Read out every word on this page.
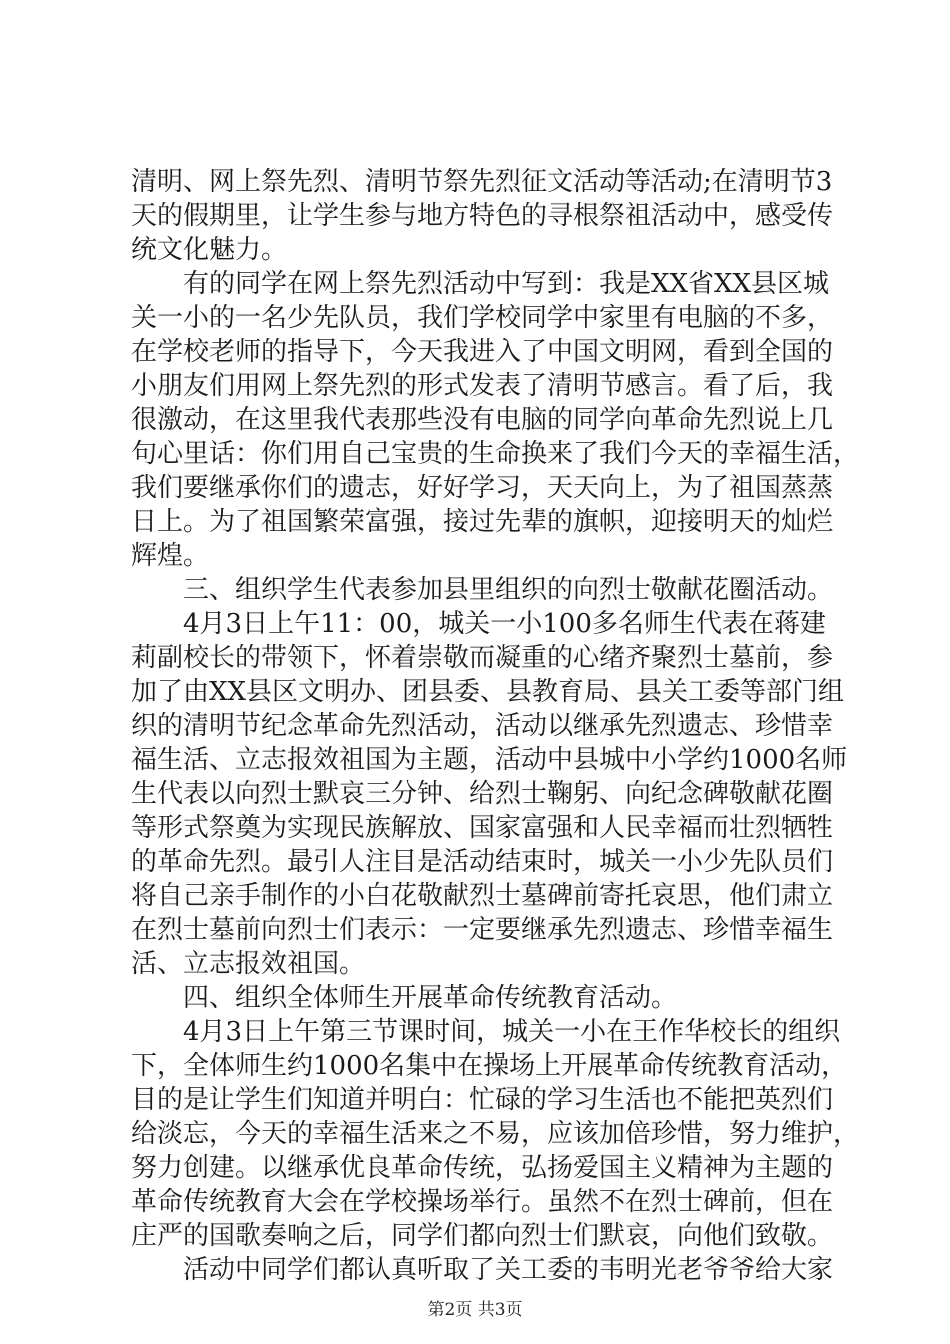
清明、网上祭先烈、清明节祭先烈征文活动等活动;在清明节3
天的假期里，让学生参与地方特色的寻根祭祖活动中，感受传
统文化魅力。
　　有的同学在网上祭先烈活动中写到：我是XX省XX县区城
关一小的一名少先队员，我们学校同学中家里有电脑的不多，
在学校老师的指导下，今天我进入了中国文明网，看到全国的
小朋友们用网上祭先烈的形式发表了清明节感言。看了后，我
很激动，在这里我代表那些没有电脑的同学向革命先烈说上几
句心里话：你们用自己宝贵的生命换来了我们今天的幸福生活，
我们要继承你们的遗志，好好学习，天天向上，为了祖国蒸蒸
日上。为了祖国繁荣富强，接过先辈的旗帜，迎接明天的灿烂
辉煌。
　　三、组织学生代表参加县里组织的向烈士敬献花圈活动。
　　4月3日上午11：00，城关一小100多名师生代表在蒋建
莉副校长的带领下，怀着崇敬而凝重的心绪齐聚烈士墓前，参
加了由XX县区文明办、团县委、县教育局、县关工委等部门组
织的清明节纪念革命先烈活动，活动以继承先烈遗志、珍惜幸
福生活、立志报效祖国为主题，活动中县城中小学约1000名师
生代表以向烈士默哀三分钟、给烈士鞠躬、向纪念碑敬献花圈
等形式祭奠为实现民族解放、国家富强和人民幸福而壮烈牺牲
的革命先烈。最引人注目是活动结束时，城关一小少先队员们
将自己亲手制作的小白花敬献烈士墓碑前寄托哀思，他们肃立
在烈士墓前向烈士们表示：一定要继承先烈遗志、珍惜幸福生
活、立志报效祖国。
　　四、组织全体师生开展革命传统教育活动。
　　4月3日上午第三节课时间，城关一小在王作华校长的组织
下，全体师生约1000名集中在操场上开展革命传统教育活动，
目的是让学生们知道并明白：忙碌的学习生活也不能把英烈们
给淡忘，今天的幸福生活来之不易，应该加倍珍惜，努力维护，
努力创建。以继承优良革命传统，弘扬爱国主义精神为主题的
革命传统教育大会在学校操场举行。虽然不在烈士碑前，但在
庄严的国歌奏响之后，同学们都向烈士们默哀，向他们致敬。
　　活动中同学们都认真听取了关工委的韦明光老爷爷给大家
第2页 共3页
